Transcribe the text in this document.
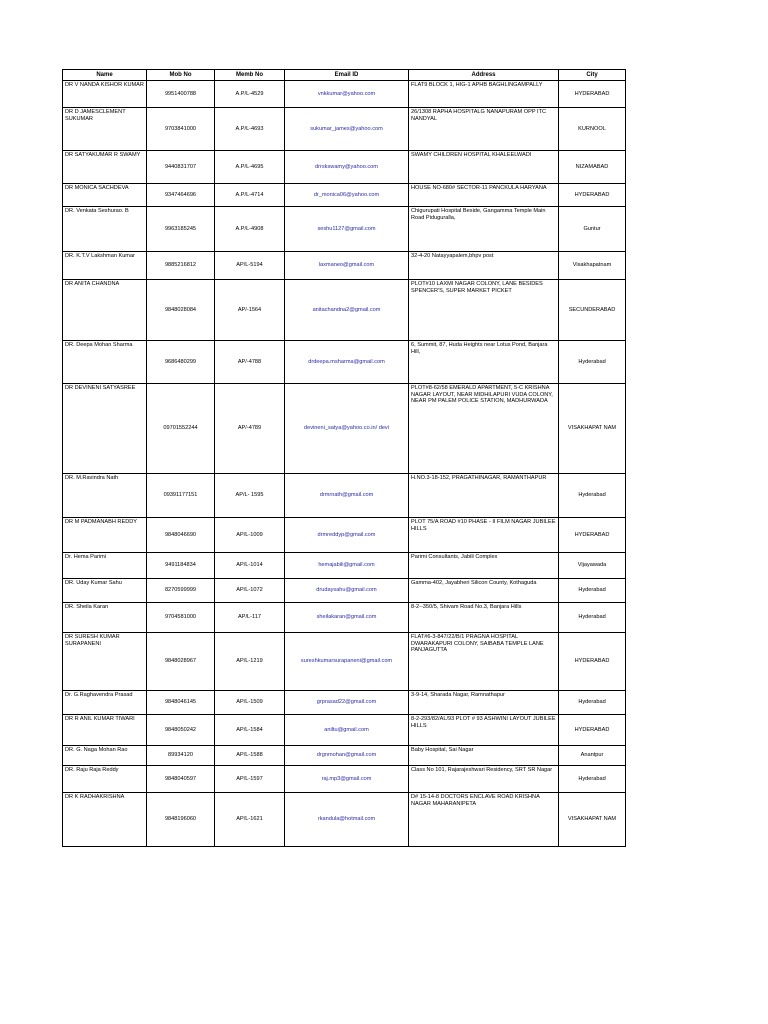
Name	Mob No	Memb No	Email ID	Address	City
DR V NANDA KISHOR KUMAR	9951400788	A.P/L-4529	vnkkumar@yahoo.com	FLAT9 BLOCK 1, HIG-1 APHB BAGHLINGAMPALLY	HYDERABAD
DR D JAMESCLEMENT SUKUMAR	9703841000	A.P/L-4693	sukumar_james@yahoo.com	26/1308 RAPHA HOSPITALG NANAPURAM OPP ITC NANDYAL	KURNOOL
DR SATYAKUMAR R SWAMY	9440831707	A.P/L-4695	drrskswamy@yahoo.com	SWAMY CHILDREN HOSPITAL KHALEELWADI	NIZAMABAD
DR MONICA SACHDEVA	9347464696	A.P/L-4714	dr_monica06@yahoo.com	HOUSE NO-680# SECTOR-11 PANCKULA HARYANA	HYDERABAD
DR. Venkata Seshurao. B	9963185245	A.P/L-4908	seshu1127@gmail.com	Chigurupati Hospital Beside, Gangamma Temple Main Road Piduguralla,	Guntur
DR. K.T.V Lakshman Kumar	9885216812	AP/L-5194	laxmaneo@gmail.com	32-4-20 Natayyapalem,bhpv post	Visakhapatnam
DR ANITA CHANDNA	9848028084	AP/-1564	anitachandna2@gmail.com	PLOT#10 LAXMI NAGAR COLONY, LANE BESIDES SPENCER'S, SUPER MARKET PICKET	SECUNDERABAD
DR. Deepa Mohan Sharma	9686480299	AP/-4788	drdeepa.msharma@gmail.com	6, Summit, 87, Huda Heights near Lotus Pond, Banjara Hill,	Hyderabad
DR DEVINENI SATYASREE	09701552244	AP/-4789	devineni_satya@yahoo.co.in/ devi	PLOT#8-62/58 EMERALD APARTMENT, 5-C KRISHNA NAGAR LAYOUT, NEAR MIDHILAPURI VUDA COLONY, NEAR PM PALEM POLICE STATION, MADHURWADA	VISAKHAPAT NAM
DR. M.Ravindra Nath	09391177151	AP/L- 1595	drmrnath@gmail.com	H.NO.3-18-152, PRAGATHINAGAR, RAMANTHAPUR	Hyderabad
DR M PADMANABH REDDY	9848046690	AP/L-1009	drmreddyp@gmail.com	PLOT 75/A ROAD #10 PHASE - II FILM NAGAR JUBILEE HILLS	HYDERABAD
Dr. Hema Parimi	9491184834	AP/L-1014	hemajabili@gmail.com	Parimi Consultants, Jabili Complex	Vijayawada
DR. Uday Kumar Sahu	8270599999	AP/L-1072	drudaysahu@gmail.com	Gamma-402, Jayabheri Silicon County, Kothaguda	Hyderabad
DR. Sheila Karan	9704581000	AP/L-117	sheilakaran@gmail.com	8-2--350/5, Shivam Road No.3, Banjara Hills	Hyderabad
DR SURESH KUMAR SURAPANENI	9848028967	AP/L-1219	sureshkumarsurapaneni@gmail.com	FLAT#6-3-847/22/B/1 PRAGNA HOSPITAL DWARAKAPURI COLONY, SAIBABA TEMPLE LANE PANJAGUTTA	HYDERABAD
Dr. G.Raghavendra Prasad	9848046145	AP/L-1509	grprasad22@gmail.com	3-9-14, Sharada Nagar, Ramnathapur	Hyderabad
DR R ANIL KUMAR TIWARI	9848050242	AP/L-1584	aniltu@gmail.com	8-2-293/82/AL/93 PLOT # 93 ASHWINI LAYOUT JUBILEE HILLS	HYDERABAD
DR. G. Naga Mohan Rao	89934120	AP/L-1588	drgnmohan@gmail.com	Baby Hospital, Sai Nagar	Anantpur
DR. Raju Raja Reddy	9848040597	AP/L-1597	raj.mp3@gmail.com	Class No 101, Rajarajeshwari Residency, SRT SR Nagar	Hyderabad
DR K RADHAKRISHNA	9848196060	AP/L-1621	rkandula@hotmail.com	D# 15-14-8 DOCTORS ENCLAVE ROAD KRISHNA NAGAR MAHARANIPETA	VISAKHAPAT NAM
